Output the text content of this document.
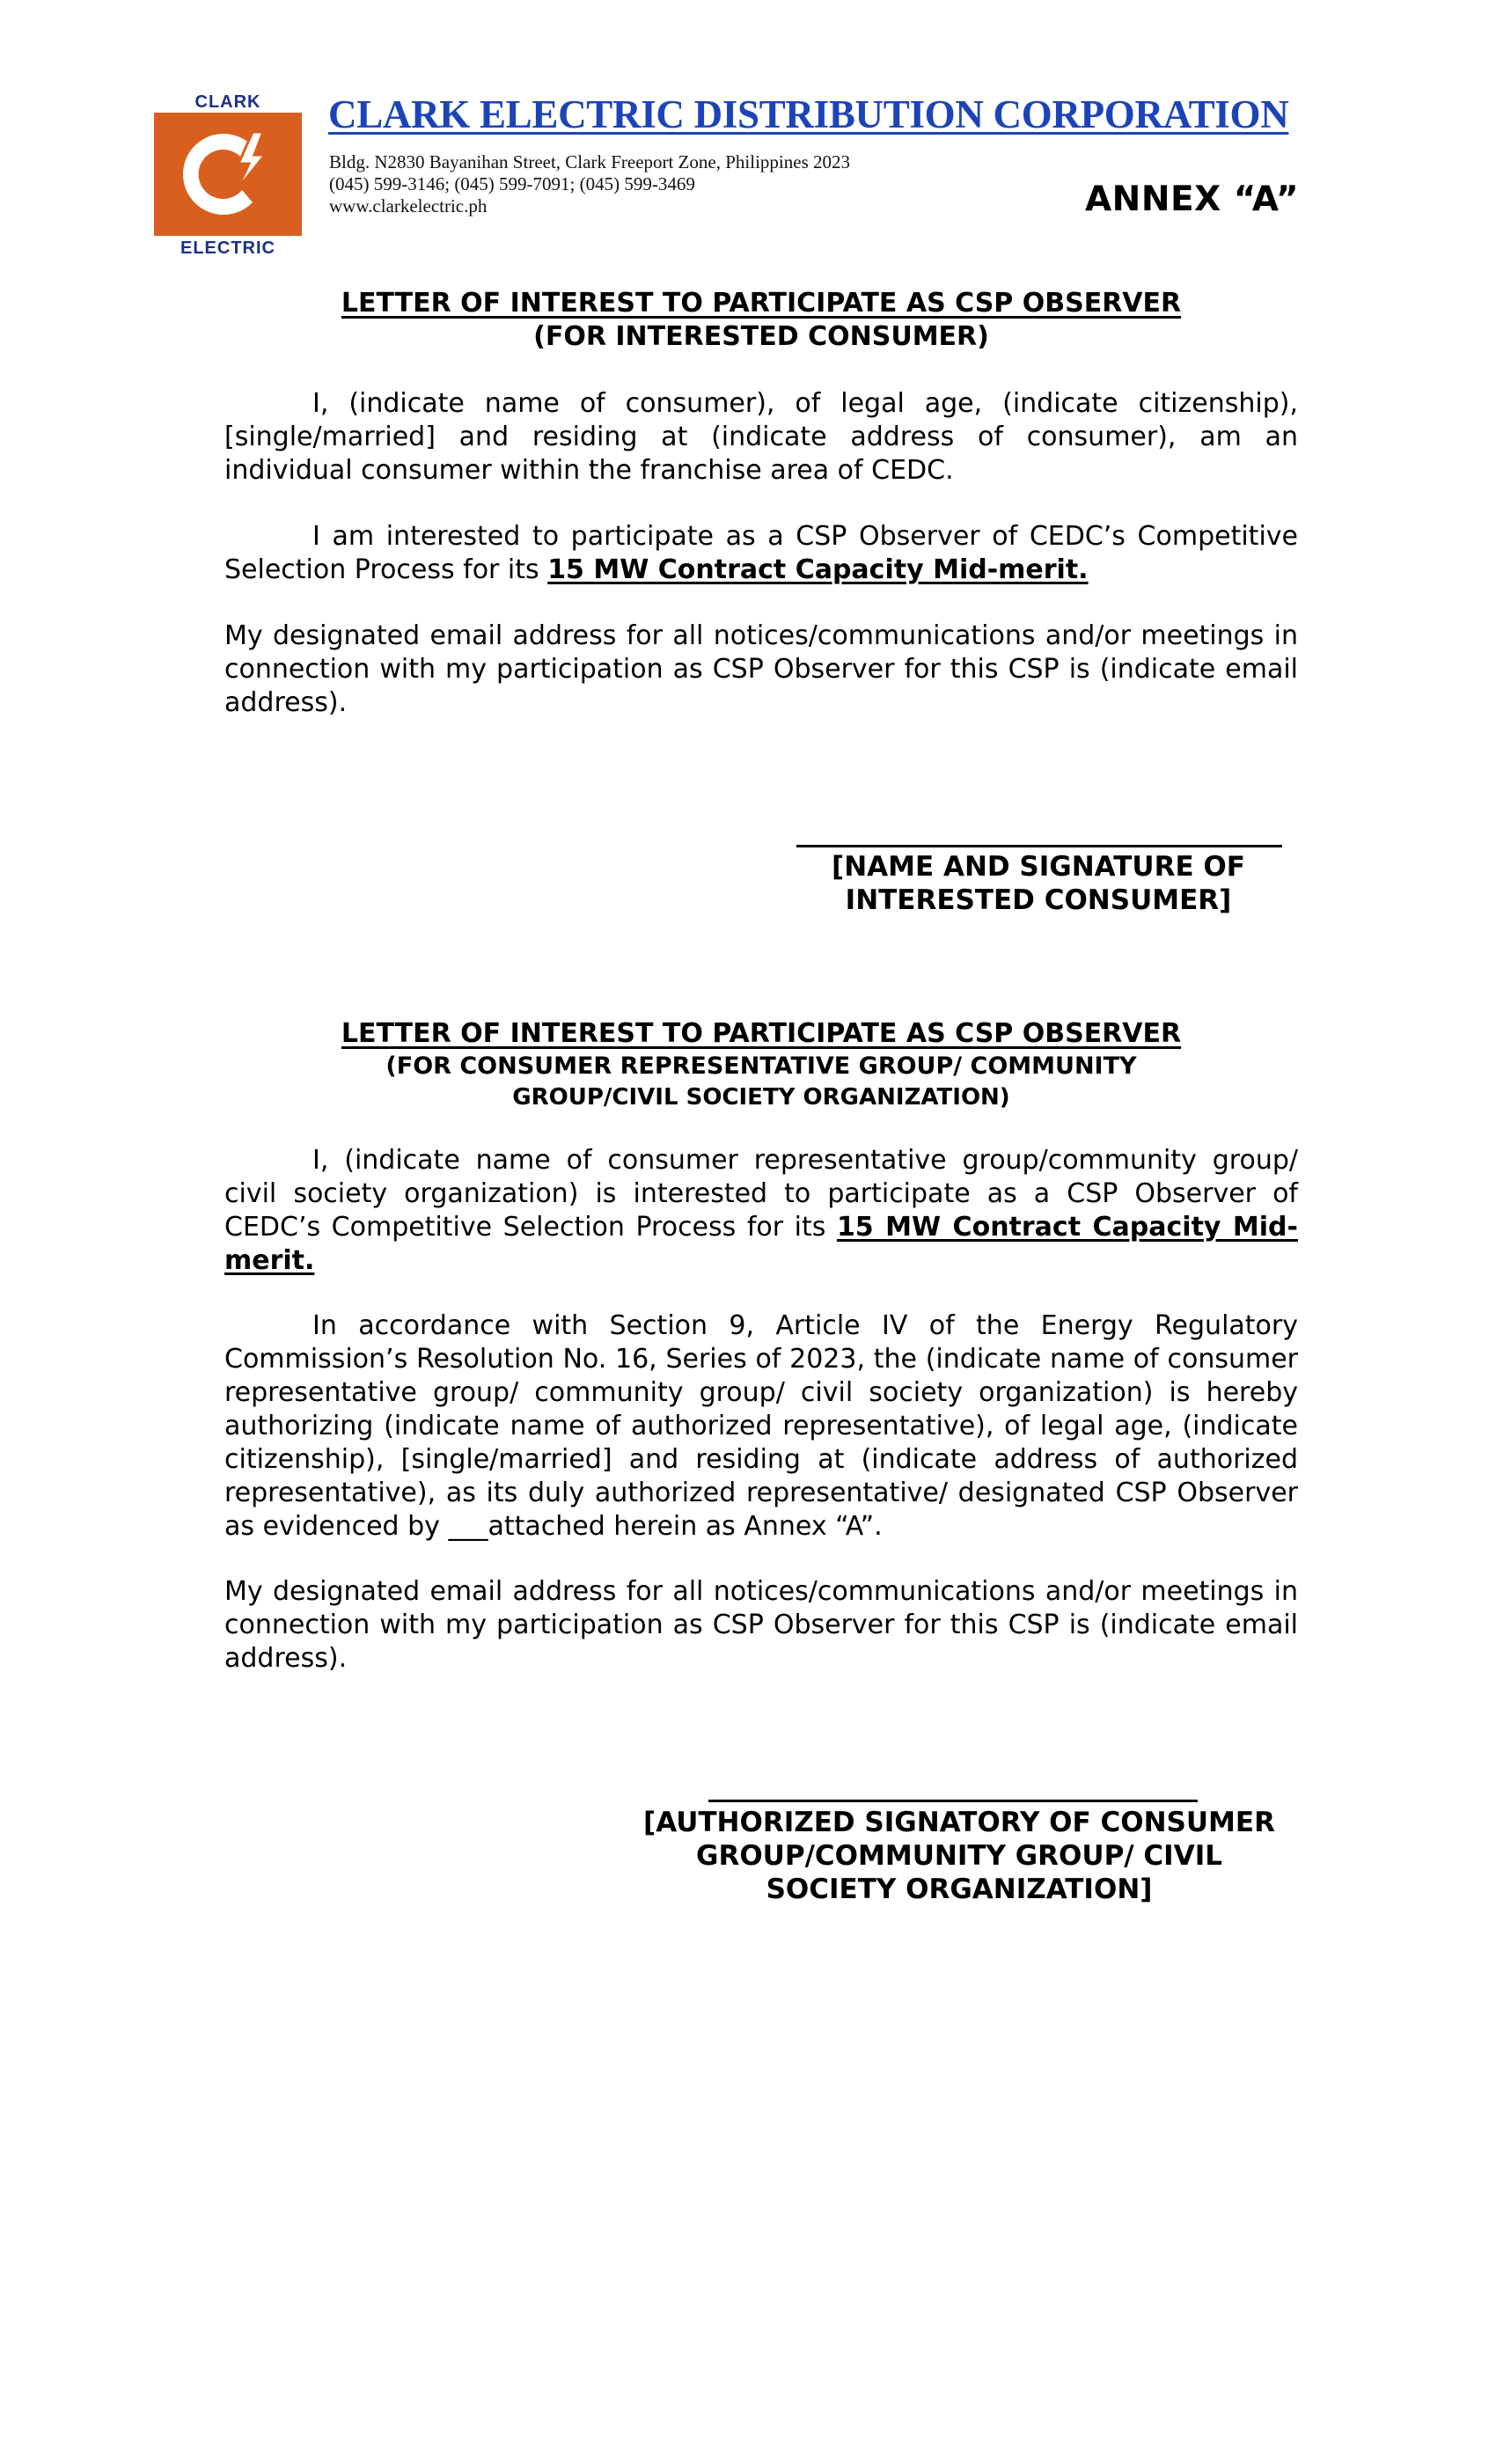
CLARK
ELECTRIC
CLARK ELECTRIC DISTRIBUTION CORPORATION
Bldg. N2830 Bayanihan Street, Clark Freeport Zone, Philippines 2023
(045) 599-3146; (045) 599-7091; (045) 599-3469
www.clarkelectric.ph	ANNEX “A”
LETTER OF INTEREST TO PARTICIPATE AS CSP OBSERVER
(FOR INTERESTED CONSUMER)

I, (indicate name of consumer), of legal age, (indicate citizenship), [single/married] and residing at (indicate address of consumer), am an individual consumer within the franchise area of CEDC.

I am interested to participate as a CSP Observer of CEDC’s Competitive Selection Process for its 15 MW Contract Capacity Mid-merit.

My designated email address for all notices/communications and/or meetings in connection with my participation as CSP Observer for this CSP is (indicate email address).

[NAME AND SIGNATURE OF
INTERESTED CONSUMER]
LETTER OF INTEREST TO PARTICIPATE AS CSP OBSERVER
(FOR CONSUMER REPRESENTATIVE GROUP/ COMMUNITY
GROUP/CIVIL SOCIETY ORGANIZATION)

I, (indicate name of consumer representative group/community group/ civil society organization) is interested to participate as a CSP Observer of CEDC’s Competitive Selection Process for its 15 MW Contract Capacity Mid-merit.

In accordance with Section 9, Article IV of the Energy Regulatory Commission’s Resolution No. 16, Series of 2023, the (indicate name of consumer representative group/ community group/ civil society organization) is hereby authorizing (indicate name of authorized representative), of legal age, (indicate citizenship), [single/married] and residing at (indicate address of authorized representative), as its duly authorized representative/ designated CSP Observer as evidenced by ___attached herein as Annex “A”.

My designated email address for all notices/communications and/or meetings in connection with my participation as CSP Observer for this CSP is (indicate email address).

[AUTHORIZED SIGNATORY OF CONSUMER
GROUP/COMMUNITY GROUP/ CIVIL
SOCIETY ORGANIZATION]
